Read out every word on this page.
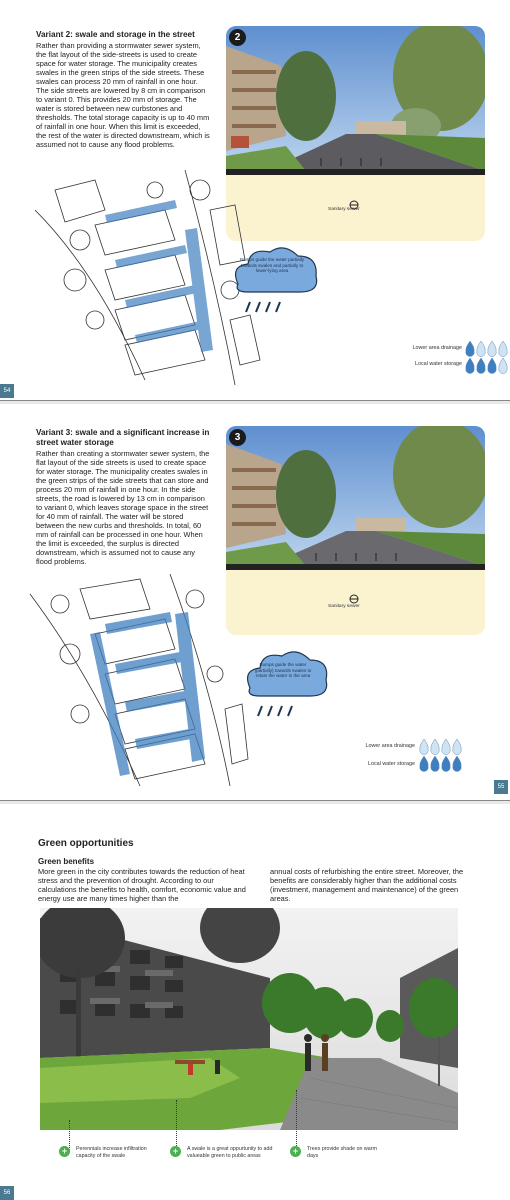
Variant 2: swale and storage in the street

Rather than providing a stormwater sewer system, the flat layout of the side-streets is used to create space for water storage. The municipality creates swales in the green strips of the side streets. These swales can process 20 mm of rainfall in one hour. The side streets are lowered by 8 cm in comparison to variant 0. This provides 20 mm of storage. The water is stored between new curbstones and thresholds. The total storage capacity is up to 40 mm of rainfall in one hour. When this limit is exceeded, the rest of the water is directed downstream, which is assumed not to cause any flood problems.

2
Sanitary sewer
Bumps guide the water partially towards swales and partially to lower-lying area
Lower area drainage
Local water storage
54
Variant 3: swale and a significant increase in street water storage

Rather than creating a stormwater sewer system, the flat layout of the side streets is used to create space for water storage. The municipality creates swales in the green strips of the side streets that can store and process 20 mm of rainfall in one hour. In the side streets, the road is lowered by 13 cm in comparison to variant 0, which leaves storage space in the street for 40 mm of rainfall. The water will be stored between the new curbs and thresholds. In total, 60 mm of rainfall can be processed in one hour. When the limit is exceeded, the surplus is directed downstream, which is assumed not to cause any flood problems.

3
Sanitary sewer
Bumps guide the water (partially) towards swales to retain the water in the area
Lower area drainage
Local water storage
55
Green opportunities
Green benefits
More green in the city contributes towards the reduction of heat stress and the prevention of drought. According to our calculations the benefits to health, comfort, economic value and energy use are many times higher than the
annual costs of refurbishing the entire street. Moreover, the benefits are considerably higher than the additional costs (investment, management and maintenance) of the green areas.
+	Perennials increase infiltration capacity of the swale	+	A swale is a great oppurtunity to add valueable green to public areas	+	Trees provide shade on warm days
56
